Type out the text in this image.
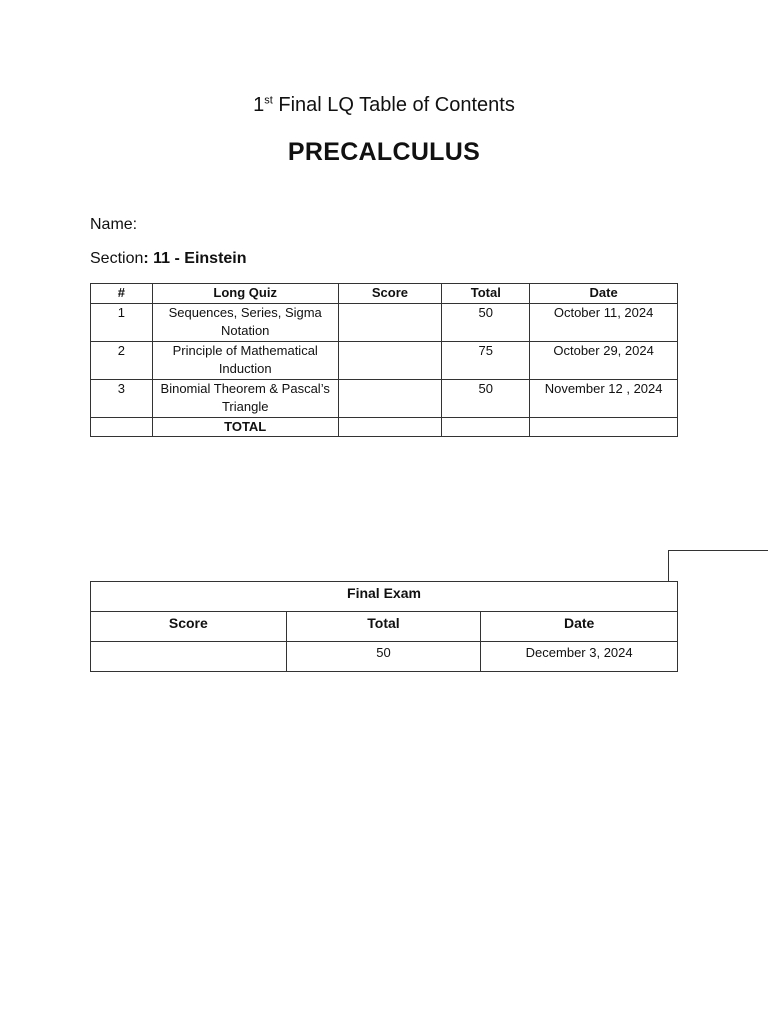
1st Final LQ Table of Contents
PRECALCULUS
Name:
Section: 11 - Einstein
#	Long Quiz	Score	Total	Date
1	Sequences, Series, Sigma Notation		50	October 11, 2024
2	Principle of Mathematical Induction		75	October 29, 2024
3	Binomial Theorem & Pascal’s Triangle		50	November 12 , 2024
	TOTAL			
Final Exam		
Score	Total	Date
	50	December 3, 2024
